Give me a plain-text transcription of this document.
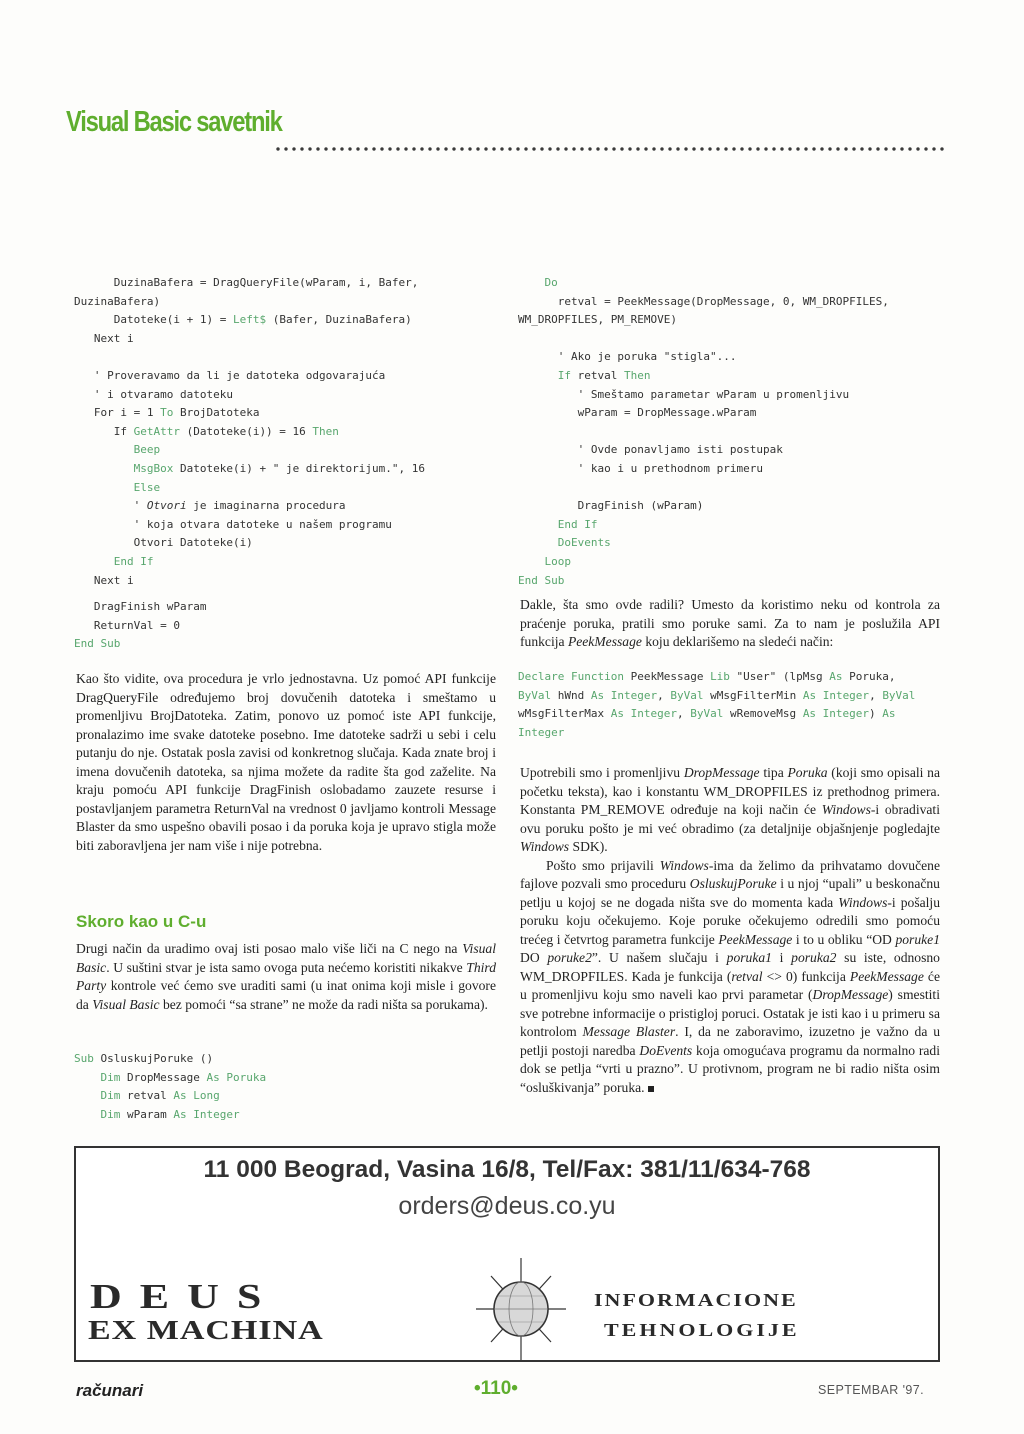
Visual Basic savetnik
DuzinaBafera = DragQueryFile(wParam, i, Bafer,
DuzinaBafera)
Datoteke(i + 1) = Left$ (Bafer, DuzinaBafera)
Next i
' Proveravamo da li je datoteka odgovarajuća
' i otvaramo datoteku
For i = 1 To BrojDatoteka
If GetAttr (Datoteke(i)) = 16 Then
Beep
MsgBox Datoteke(i) + " je direktorijum.", 16
Else
' Otvori je imaginarna procedura
' koja otvara datoteke u našem programu
Otvori Datoteke(i)
End If
Next i
DragFinish wParam
ReturnVal = 0
End Sub

Kao što vidite, ova procedura je vrlo jednostavna. Uz pomoć API funkcije DragQueryFile određujemo broj dovučenih datoteka i smeštamo u promenljivu BrojDatoteka. Zatim, ponovo uz pomoć iste API funkcije, pronalazimo ime svake datoteke posebno. Ime datoteke sadrži u sebi i celu putanju do nje. Ostatak posla zavisi od konkretnog slučaja. Kada znate broj i imena dovučenih datoteka, sa njima možete da radite šta god zaželite. Na kraju pomoću API funkcije DragFinish oslobadamo zauzete resurse i postavljanjem parametra ReturnVal na vrednost 0 javljamo kontroli Message Blaster da smo uspešno obavili posao i da poruka koja je upravo stigla može biti zaboravljena jer nam više i nije potrebna.

Skoro kao u C-u

Drugi način da uradimo ovaj isti posao malo više liči na C nego na Visual Basic. U suštini stvar je ista samo ovoga puta nećemo koristiti nikakve Third Party kontrole već ćemo sve uraditi sami (u inat onima koji misle i govore da Visual Basic bez pomoći “sa strane” ne može da radi ništa sa porukama).

Sub OsluskujPoruke ()
Dim DropMessage As Poruka
Dim retval As Long
Dim wParam As Integer
Do
retval = PeekMessage(DropMessage, 0, WM_DROPFILES,
WM_DROPFILES, PM_REMOVE)
' Ako je poruka "stigla"...
If retval Then
' Smeštamo parametar wParam u promenljivu
wParam = DropMessage.wParam
' Ovde ponavljamo isti postupak
' kao i u prethodnom primeru
DragFinish (wParam)
End If
DoEvents
Loop
End Sub

Dakle, šta smo ovde radili? Umesto da koristimo neku od kontrola za praćenje poruka, pratili smo poruke sami. Za to nam je poslužila API funkcija PeekMessage koju deklarišemo na sledeći način:

Declare Function PeekMessage Lib "User" (lpMsg As Poruka,
ByVal hWnd As Integer, ByVal wMsgFilterMin As Integer, ByVal
wMsgFilterMax As Integer, ByVal wRemoveMsg As Integer) As
Integer

Upotrebili smo i promenljivu DropMessage tipa Poruka (koji smo opisali na početku teksta), kao i konstantu WM_DROPFILES iz prethodnog primera. Konstanta PM_REMOVE određuje na koji način će Windows-i obradivati ovu poruku pošto je mi već obradimo (za detaljnije objašnjenje pogledajte Windows SDK).

Pošto smo prijavili Windows-ima da želimo da prihvatamo dovučene fajlove pozvali smo proceduru OsluskujPoruke i u njoj “upali” u beskonačnu petlju u kojoj se ne dogada ništa sve do momenta kada Windows-i pošalju poruku koju očekujemo. Koje poruke očekujemo odredili smo pomoću trećeg i četvrtog parametra funkcije PeekMessage i to u obliku “OD poruke1 DO poruke2”. U našem slučaju i poruka1 i poruka2 su iste, odnosno WM_DROPFILES. Kada je funkcija (retval <> 0) funkcija PeekMessage će u promenljivu koju smo naveli kao prvi parametar (DropMessage) smestiti sve potrebne informacije o pristigloj poruci. Ostatak je isti kao i u primeru sa kontrolom Message Blaster. I, da ne zaboravimo, izuzetno je važno da u petlji postoji naredba DoEvents koja omogućava programu da normalno radi dok se petlja “vrti u prazno”. U protivnom, program ne bi radio ništa osim “osluškivanja” poruka.

11 000 Beograd, Vasina 16/8, Tel/Fax: 381/11/634-768
orders@deus.co.yu
DEUS
EX MACHINA
INFORMACIONE
TEHNOLOGIJE
računari	•110•	SEPTEMBAR '97.
